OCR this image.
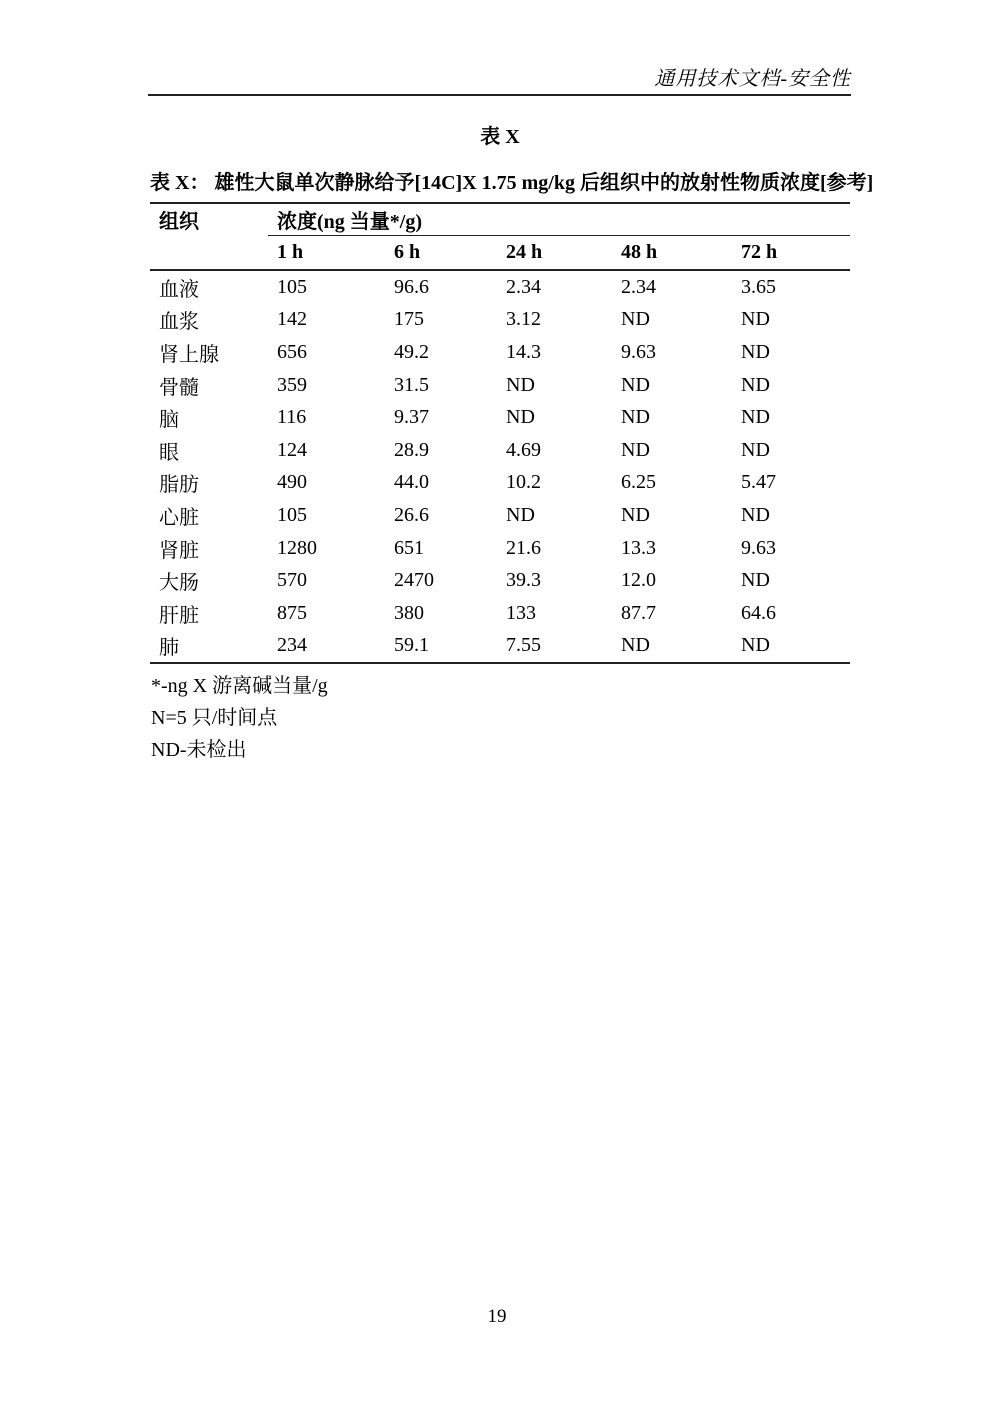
通用技术文档-安全性
表 X
表 X： 雄性大鼠单次静脉给予[14C]X 1.75 mg/kg 后组织中的放射性物质浓度[参考]
组织	浓度(ng 当量*/g)				
	1 h	6 h	24 h	48 h	72 h
血液	105	96.6	2.34	2.34	3.65
血浆	142	175	3.12	ND	ND
肾上腺	656	49.2	14.3	9.63	ND
骨髓	359	31.5	ND	ND	ND
脑	116	9.37	ND	ND	ND
眼	124	28.9	4.69	ND	ND
脂肪	490	44.0	10.2	6.25	5.47
心脏	105	26.6	ND	ND	ND
肾脏	1280	651	21.6	13.3	9.63
大肠	570	2470	39.3	12.0	ND
肝脏	875	380	133	87.7	64.6
肺	234	59.1	7.55	ND	ND
*-ng X 游离碱当量/g
N=5 只/时间点
ND-未检出
19
